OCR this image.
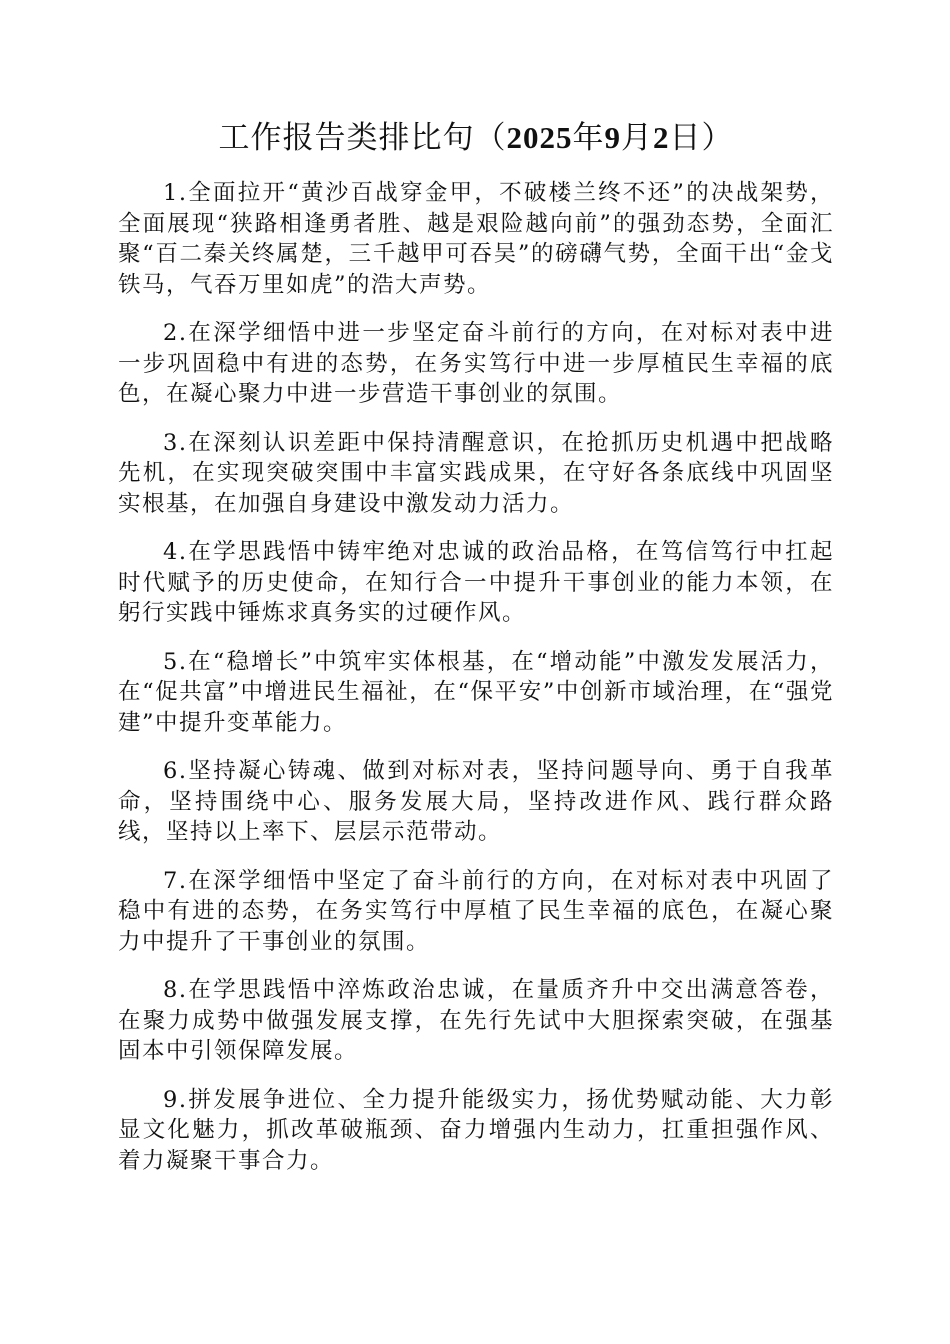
工作报告类排比句（2025年9月2日）

1.全面拉开“黄沙百战穿金甲，不破楼兰终不还”的决战架势，全面展现“狭路相逢勇者胜、越是艰险越向前”的强劲态势，全面汇聚“百二秦关终属楚，三千越甲可吞吴”的磅礴气势，全面干出“金戈铁马，气吞万里如虎”的浩大声势。

2.在深学细悟中进一步坚定奋斗前行的方向，在对标对表中进一步巩固稳中有进的态势，在务实笃行中进一步厚植民生幸福的底色，在凝心聚力中进一步营造干事创业的氛围。

3.在深刻认识差距中保持清醒意识，在抢抓历史机遇中把战略先机，在实现突破突围中丰富实践成果，在守好各条底线中巩固坚实根基，在加强自身建设中激发动力活力。

4.在学思践悟中铸牢绝对忠诚的政治品格，在笃信笃行中扛起时代赋予的历史使命，在知行合一中提升干事创业的能力本领，在躬行实践中锤炼求真务实的过硬作风。

5.在“稳增长”中筑牢实体根基，在“增动能”中激发发展活力，在“促共富”中增进民生福祉，在“保平安”中创新市域治理，在“强党建”中提升变革能力。

6.坚持凝心铸魂、做到对标对表，坚持问题导向、勇于自我革命，坚持围绕中心、服务发展大局，坚持改进作风、践行群众路线，坚持以上率下、层层示范带动。

7.在深学细悟中坚定了奋斗前行的方向，在对标对表中巩固了稳中有进的态势，在务实笃行中厚植了民生幸福的底色，在凝心聚力中提升了干事创业的氛围。

8.在学思践悟中淬炼政治忠诚，在量质齐升中交出满意答卷，在聚力成势中做强发展支撑，在先行先试中大胆探索突破，在强基固本中引领保障发展。

9.拼发展争进位、全力提升能级实力，扬优势赋动能、大力彰显文化魅力，抓改革破瓶颈、奋力增强内生动力，扛重担强作风、着力凝聚干事合力。
